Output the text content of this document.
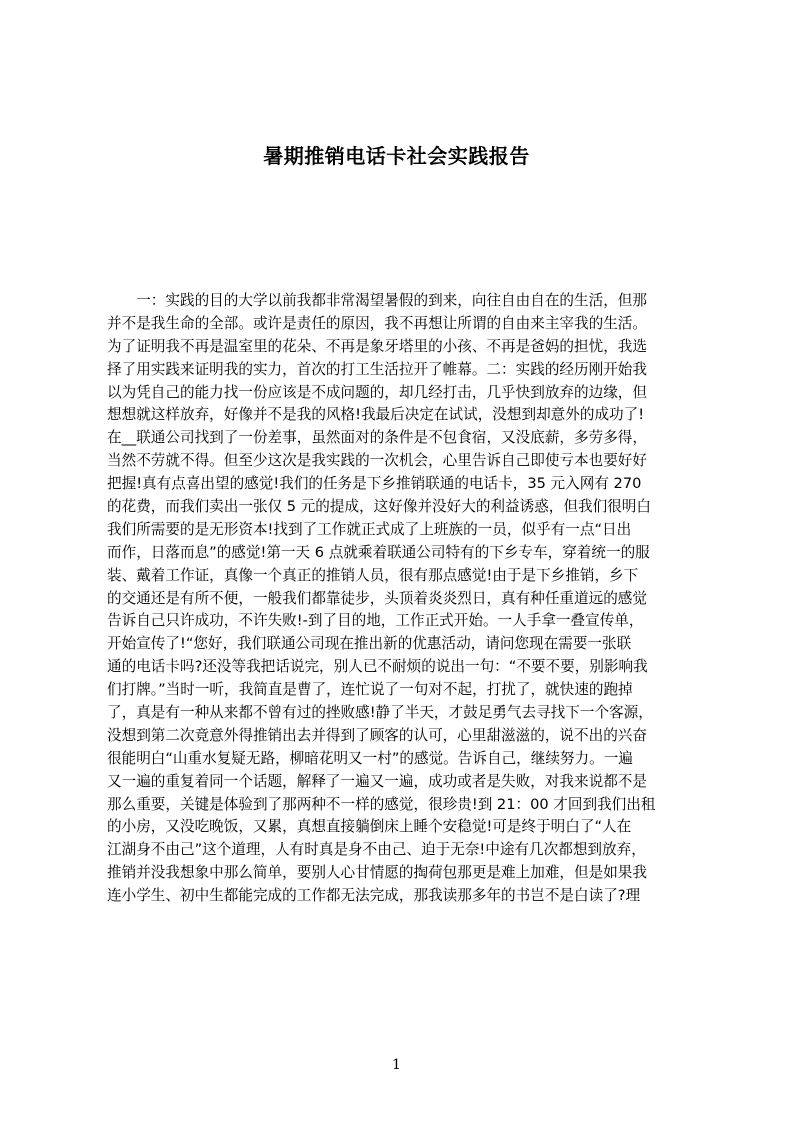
暑期推销电话卡社会实践报告
　　一：实践的目的大学以前我都非常渴望暑假的到来，向往自由自在的生活，但那
并不是我生命的全部。或许是责任的原因，我不再想让所谓的自由来主宰我的生活。
为了证明我不再是温室里的花朵、不再是象牙塔里的小孩、不再是爸妈的担忧，我选
择了用实践来证明我的实力，首次的打工生活拉开了帷幕。二：实践的经历刚开始我
以为凭自己的能力找一份应该是不成问题的，却几经打击，几乎快到放弃的边缘，但
想想就这样放弃，好像并不是我的风格!我最后决定在试试，没想到却意外的成功了!
在__联通公司找到了一份差事，虽然面对的条件是不包食宿，又没底薪，多劳多得，
当然不劳就不得。但至少这次是我实践的一次机会，心里告诉自己即使亏本也要好好
把握!真有点喜出望的感觉!我们的任务是下乡推销联通的电话卡，35 元入网有 270
的花费，而我们卖出一张仅 5 元的提成，这好像并没好大的利益诱惑，但我们很明白
我们所需要的是无形资本!找到了工作就正式成了上班族的一员，似乎有一点“日出
而作，日落而息”的感觉!第一天 6 点就乘着联通公司特有的下乡专车，穿着统一的服
装、戴着工作证，真像一个真正的推销人员，很有那点感觉!由于是下乡推销，乡下
的交通还是有所不便，一般我们都靠徒步，头顶着炎炎烈日，真有种任重道远的感觉
告诉自己只许成功，不许失败!-到了目的地，工作正式开始。一人手拿一叠宣传单，
开始宣传了!“您好，我们联通公司现在推出新的优惠活动，请问您现在需要一张联
通的电话卡吗?还没等我把话说完，别人已不耐烦的说出一句：“不要不要，别影响我
们打牌。”当时一听，我简直是曹了，连忙说了一句对不起，打扰了，就快速的跑掉
了，真是有一种从来都不曾有过的挫败感!静了半天，才鼓足勇气去寻找下一个客源，
没想到第二次竟意外得推销出去并得到了顾客的认可，心里甜滋滋的，说不出的兴奋
很能明白“山重水复疑无路，柳暗花明又一村”的感觉。告诉自己，继续努力。一遍
又一遍的重复着同一个话题，解释了一遍又一遍，成功或者是失败，对我来说都不是
那么重要，关键是体验到了那两种不一样的感觉，很珍贵!到 21：00 才回到我们出租
的小房，又没吃晚饭，又累，真想直接躺倒床上睡个安稳觉!可是终于明白了“人在
江湖身不由己”这个道理，人有时真是身不由己、迫于无奈!中途有几次都想到放弃，
推销并没我想象中那么简单，要别人心甘情愿的掏荷包那更是难上加难，但是如果我
连小学生、初中生都能完成的工作都无法完成，那我读那多年的书岂不是白读了?理
1
